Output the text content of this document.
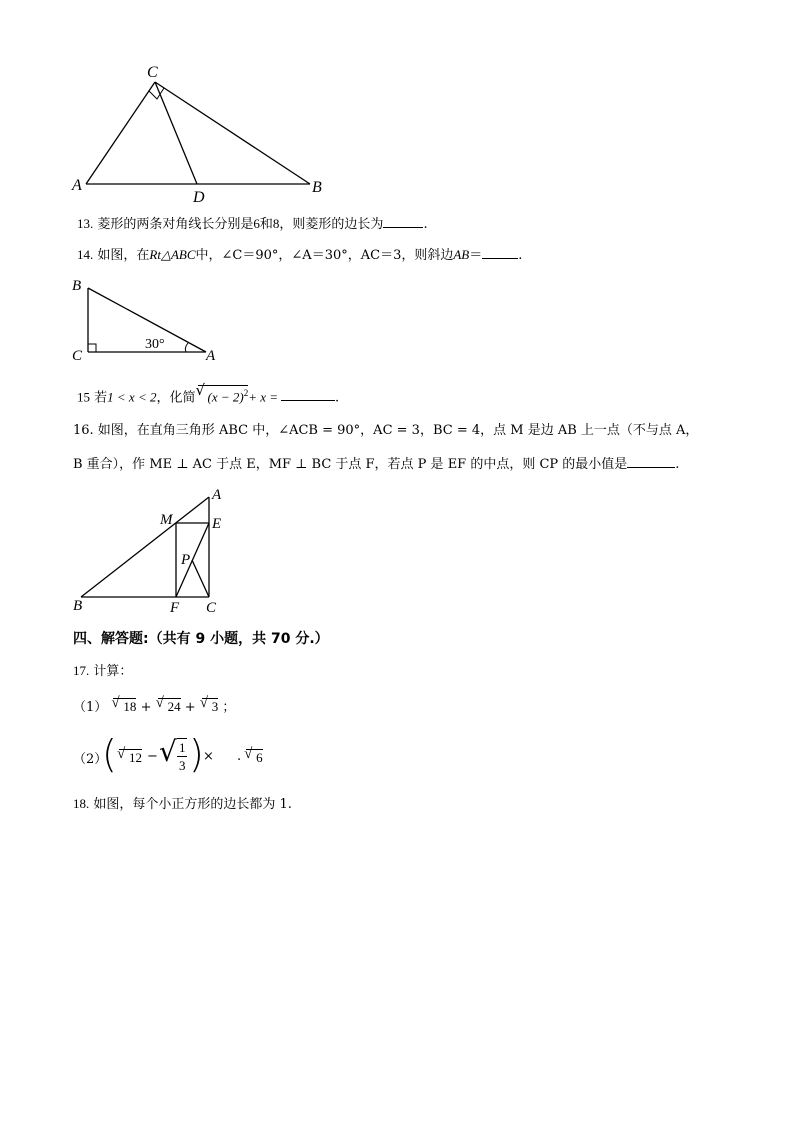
C
A	B
D
13. 菱形的两条对角线长分别是6和8，则菱形的边长为	.
14. 如图，在Rt△ABC中，∠C＝90°，∠A＝30°，AC＝3，则斜边AB＝	.
B
C	A
30°
15 若1 < x < 2，化简 √ $(x - 2)^2+ x$ =	.
16. 如图，在直角三角形 ABC 中，∠ACB = 90°，AC = 3，BC = 4，点 M 是边 AB 上一点（不与点 A，
B 重合），作 ME ⊥ AC 于点 E，MF ⊥ BC 于点 F，若点 P 是 EF 的中点，则 CP 的最小值是	.
A
M	E
P
B	F C
四、解答题:（共有 9 小题，共 70 分.）
17. 计算：
（1） √ 18 + √ 24 + √ 3 ；
（2）
( √ 12 − √ 1
3 ) ×	√ 6
.
18. 如图，每个小正方形的边长都为 1.
